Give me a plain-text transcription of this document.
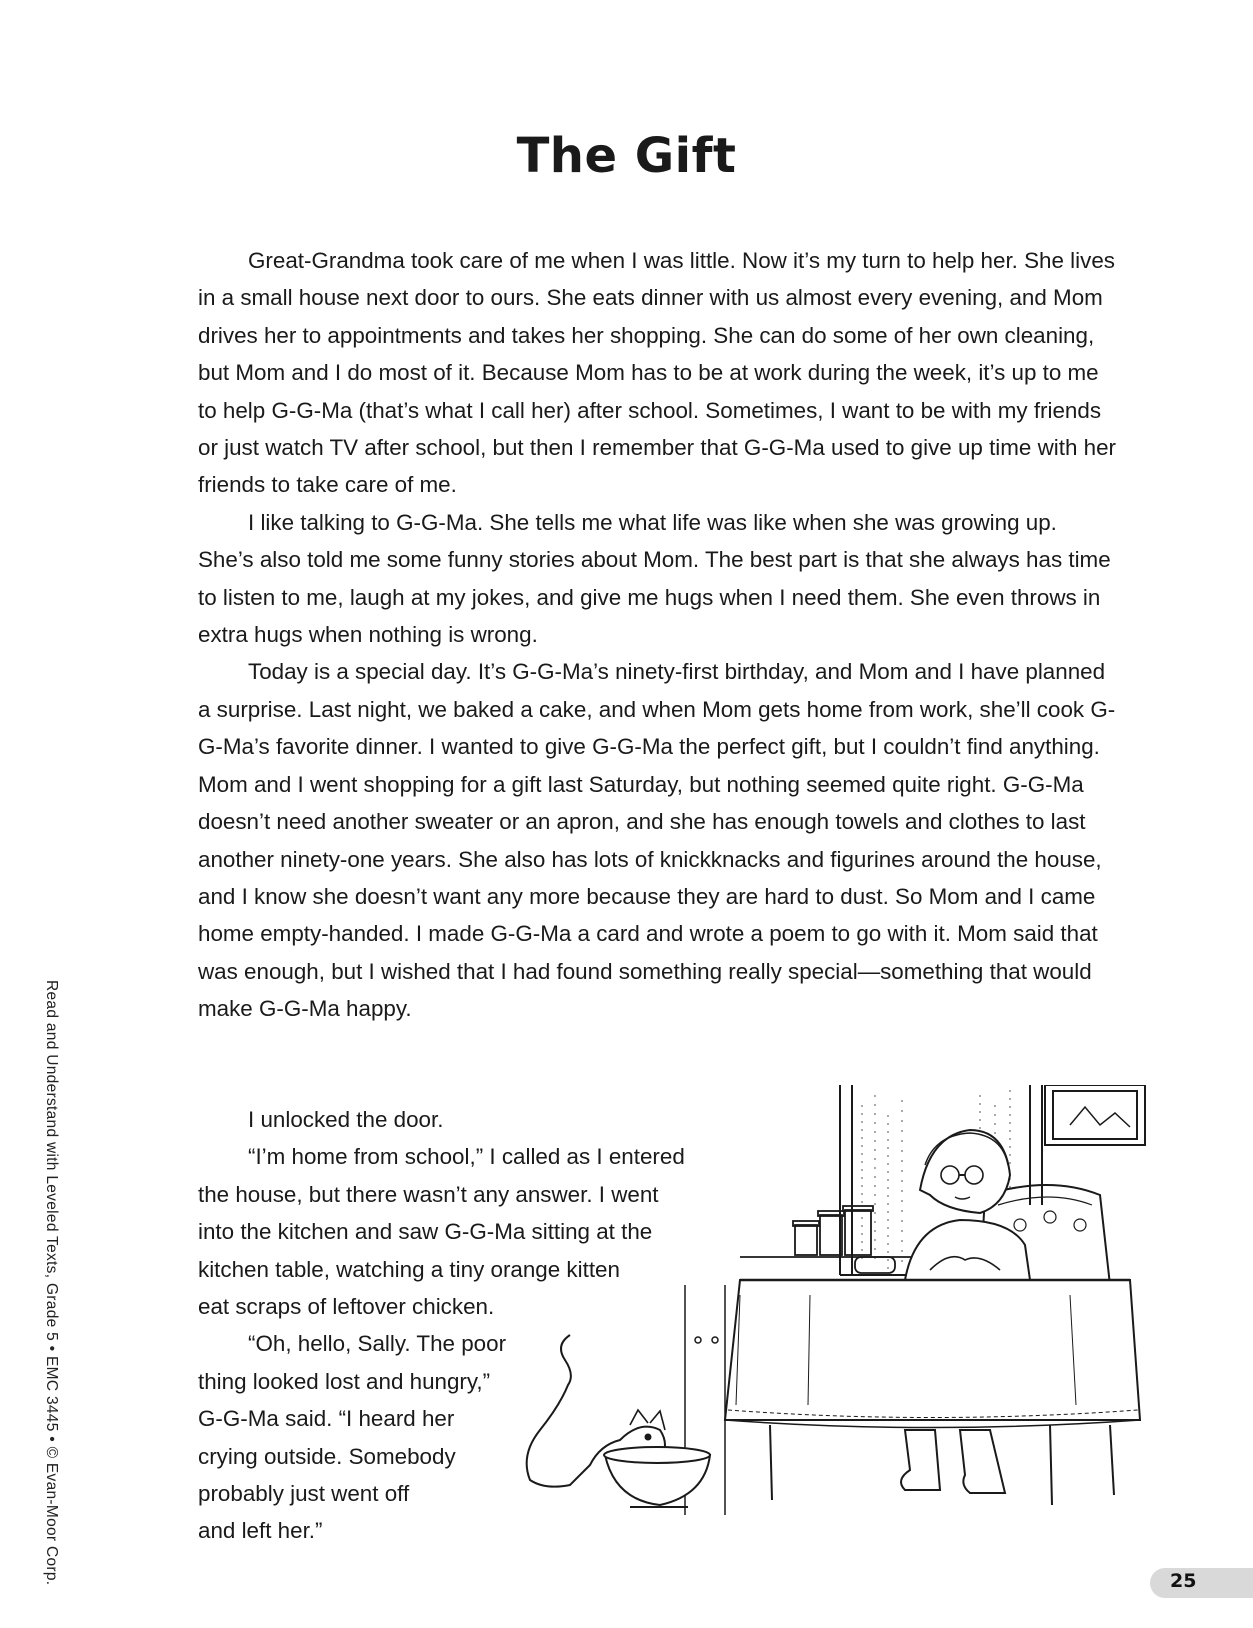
The Gift

Great-Grandma took care of me when I was little. Now it’s my turn to help her. She lives in a small house next door to ours. She eats dinner with us almost every evening, and Mom drives her to appointments and takes her shopping. She can do some of her own cleaning, but Mom and I do most of it. Because Mom has to be at work during the week, it’s up to me to help G-G-Ma (that’s what I call her) after school. Sometimes, I want to be with my friends or just watch TV after school, but then I remember that G-G-Ma used to give up time with her friends to take care of me.

I like talking to G-G-Ma. She tells me what life was like when she was growing up. She’s also told me some funny stories about Mom. The best part is that she always has time to listen to me, laugh at my jokes, and give me hugs when I need them. She even throws in extra hugs when nothing is wrong.

Today is a special day. It’s G-G-Ma’s ninety-first birthday, and Mom and I have planned a surprise. Last night, we baked a cake, and when Mom gets home from work, she’ll cook G-G-Ma’s favorite dinner. I wanted to give G-G-Ma the perfect gift, but I couldn’t find anything. Mom and I went shopping for a gift last Saturday, but nothing seemed quite right. G-G-Ma doesn’t need another sweater or an apron, and she has enough towels and clothes to last another ninety-one years. She also has lots of knickknacks and figurines around the house, and I know she doesn’t want any more because they are hard to dust. So Mom and I came home empty-handed. I made G-G-Ma a card and wrote a poem to go with it. Mom said that was enough, but I wished that I had found something really special—something that would make G-G-Ma happy.

I unlocked the door.
“I’m home from school,” I called as I entered
the house, but there wasn’t any answer. I went
into the kitchen and saw G-G-Ma sitting at the
kitchen table, watching a tiny orange kitten
eat scraps of leftover chicken.
“Oh, hello, Sally. The poor
thing looked lost and hungry,”
G-G-Ma said. “I heard her
crying outside. Somebody
probably just went off
and left her.”
Read and Understand with Leveled Texts, Grade 5 • EMC 3445 • © Evan-Moor Corp.	25
